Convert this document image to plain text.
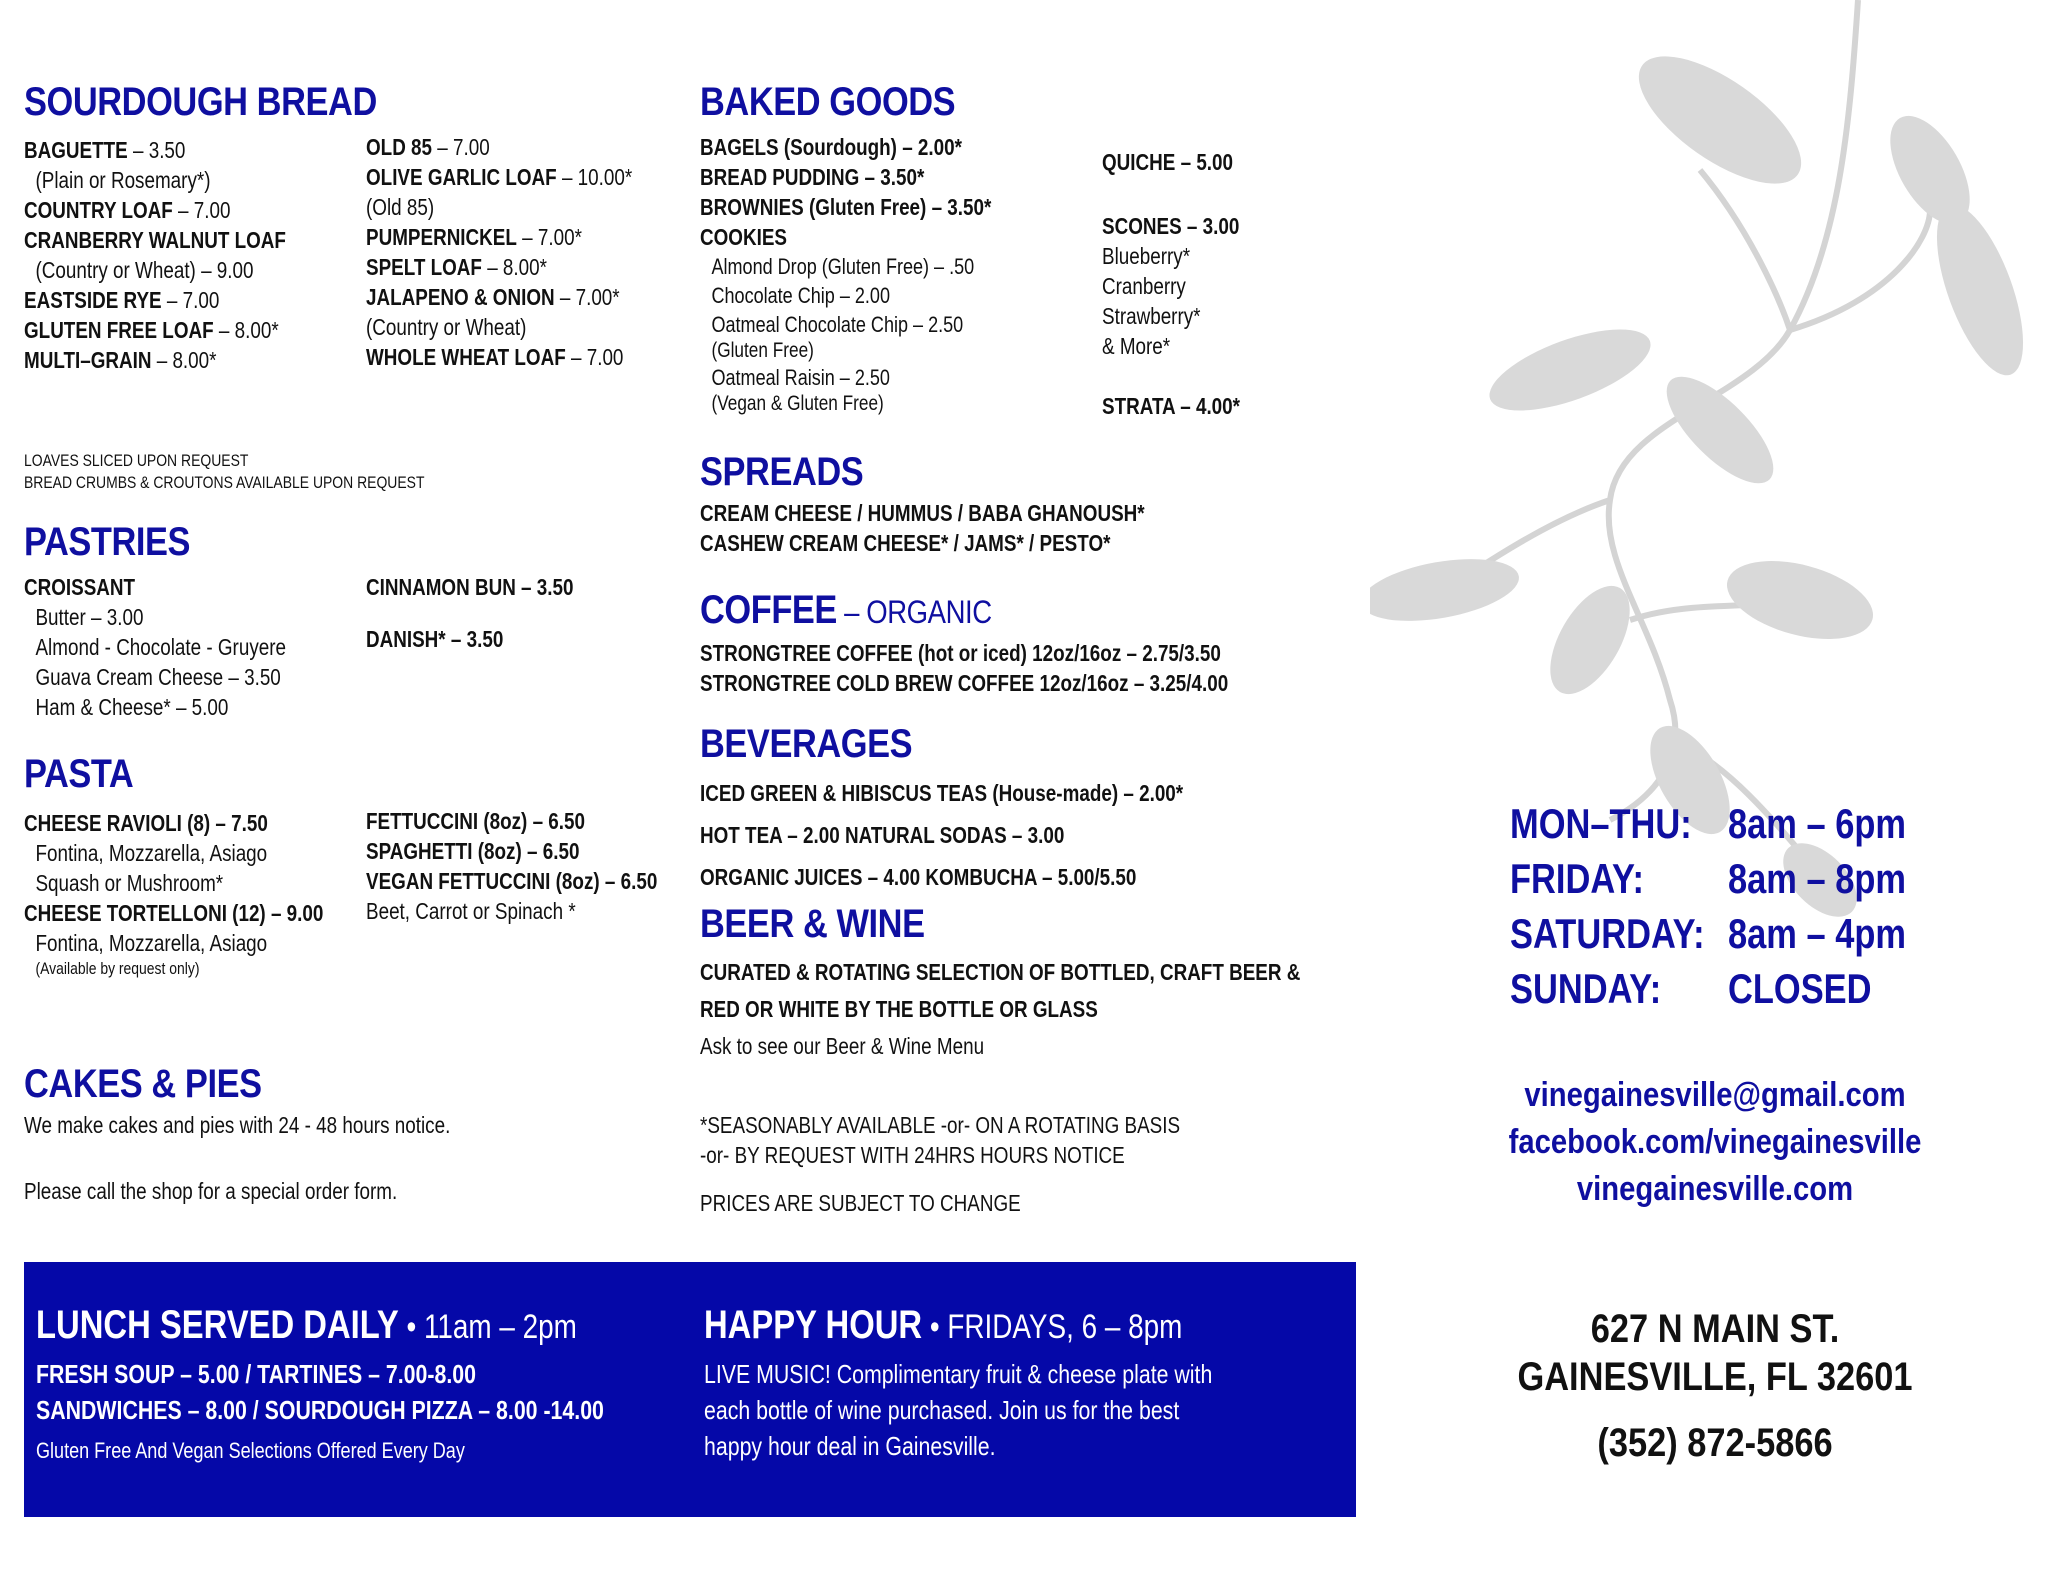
SOURDOUGH BREAD
BAGUETTE – 3.50
(Plain or Rosemary*)
COUNTRY LOAF – 7.00
CRANBERRY WALNUT LOAF
(Country or Wheat) – 9.00
EASTSIDE RYE – 7.00
GLUTEN FREE LOAF – 8.00*
MULTI–GRAIN – 8.00*
OLD 85 – 7.00
OLIVE GARLIC LOAF – 10.00*
(Old 85)
PUMPERNICKEL – 7.00*
SPELT LOAF – 8.00*
JALAPENO & ONION – 7.00*
(Country or Wheat)
WHOLE WHEAT LOAF – 7.00
LOAVES SLICED UPON REQUEST
BREAD CRUMBS & CROUTONS AVAILABLE UPON REQUEST
PASTRIES
CROISSANT
Butter – 3.00
Almond - Chocolate - Gruyere
Guava Cream Cheese – 3.50
Ham & Cheese* – 5.00
CINNAMON BUN – 3.50
DANISH* – 3.50
PASTA
CHEESE RAVIOLI (8) – 7.50
Fontina, Mozzarella, Asiago
Squash or Mushroom*
CHEESE TORTELLONI (12) – 9.00
Fontina, Mozzarella, Asiago
(Available by request only)
FETTUCCINI (8oz) – 6.50
SPAGHETTI (8oz) – 6.50
VEGAN FETTUCCINI (8oz) – 6.50
Beet, Carrot or Spinach *
CAKES & PIES
We make cakes and pies with 24 - 48 hours notice.
Please call the shop for a special order form.
BAKED GOODS
BAGELS (Sourdough) – 2.00*
BREAD PUDDING – 3.50*
BROWNIES (Gluten Free) – 3.50*
COOKIES
Almond Drop (Gluten Free) – .50
Chocolate Chip – 2.00
Oatmeal Chocolate Chip – 2.50
(Gluten Free)
Oatmeal Raisin – 2.50
(Vegan & Gluten Free)
QUICHE – 5.00
SCONES – 3.00
Blueberry*
Cranberry
Strawberry*
& More*
STRATA – 4.00*
SPREADS
CREAM CHEESE / HUMMUS / BABA GHANOUSH*
CASHEW CREAM CHEESE* / JAMS* / PESTO*
COFFEE – ORGANIC
STRONGTREE COFFEE (hot or iced) 12oz/16oz – 2.75/3.50
STRONGTREE COLD BREW COFFEE 12oz/16oz – 3.25/4.00
BEVERAGES
ICED GREEN & HIBISCUS TEAS (House-made) – 2.00*
HOT TEA – 2.00 NATURAL SODAS – 3.00
ORGANIC JUICES – 4.00 KOMBUCHA – 5.00/5.50
BEER & WINE
CURATED & ROTATING SELECTION OF BOTTLED, CRAFT BEER &
RED OR WHITE BY THE BOTTLE OR GLASS
Ask to see our Beer & Wine Menu
*SEASONABLY AVAILABLE -or- ON A ROTATING BASIS
-or- BY REQUEST WITH 24HRS HOURS NOTICE
PRICES ARE SUBJECT TO CHANGE
LUNCH SERVED DAILY • 11am – 2pm
FRESH SOUP – 5.00 / TARTINES – 7.00-8.00
SANDWICHES – 8.00 / SOURDOUGH PIZZA – 8.00 -14.00
Gluten Free And Vegan Selections Offered Every Day
HAPPY HOUR • FRIDAYS, 6 – 8pm
LIVE MUSIC! Complimentary fruit & cheese plate with
each bottle of wine purchased. Join us for the best
happy hour deal in Gainesville.
MON–THU: 8am – 6pm
FRIDAY: 8am – 8pm
SATURDAY: 8am – 4pm
SUNDAY: CLOSED
vinegainesville@gmail.com
facebook.com/vinegainesville
vinegainesville.com
627 N MAIN ST.
GAINESVILLE, FL 32601
(352) 872-5866
